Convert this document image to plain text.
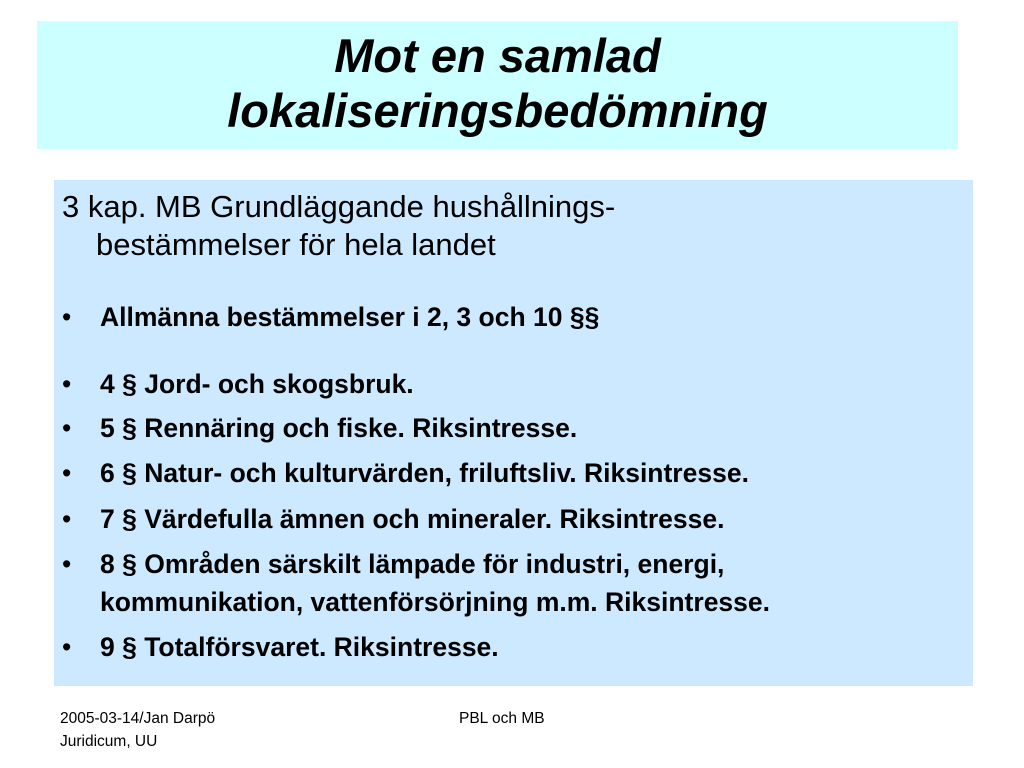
Mot en samlad
lokaliseringsbedömning
3 kap. MB Grundläggande hushållnings-
bestämmelser för hela landet
•	Allmänna bestämmelser i 2, 3 och 10 §§
•	4 § Jord- och skogsbruk.
•	5 § Rennäring och fiske. Riksintresse.
•	6 § Natur- och kulturvärden, friluftsliv. Riksintresse.
•	7 § Värdefulla ämnen och mineraler. Riksintresse.
•	8 § Områden särskilt lämpade för industri, energi,
kommunikation, vattenförsörjning m.m. Riksintresse.
•	9 § Totalförsvaret. Riksintresse.
2005-03-14/Jan Darpö
Juridicum, UU
PBL och MB
